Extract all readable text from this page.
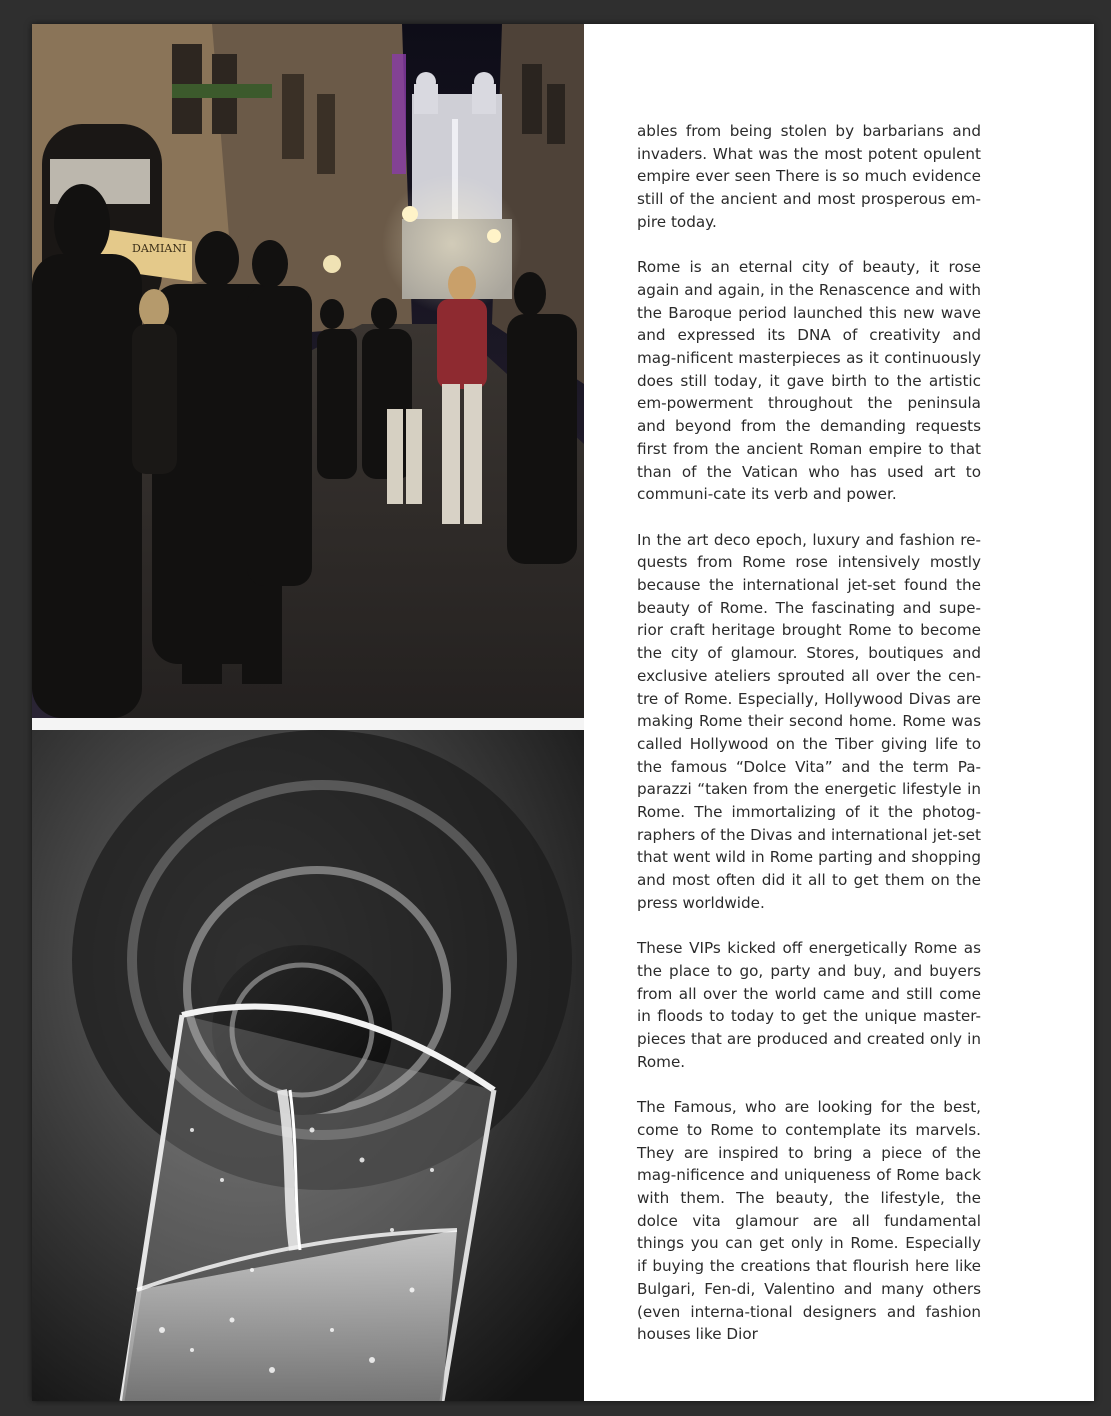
DAMIANI

ables from being stolen by barbarians and invaders. What was the most potent opulent empire ever seen There is so much evidence still of the ancient and most prosperous em-pire today.

Rome is an eternal city of beauty, it rose again and again, in the Renascence and with the Baroque period launched this new wave and expressed its DNA of creativity and mag-nificent masterpieces as it continuously does still today, it gave birth to the artistic em-powerment throughout the peninsula and beyond from the demanding requests first from the ancient Roman empire to that than of the Vatican who has used art to communi-cate its verb and power.

In the art deco epoch, luxury and fashion re-quests from Rome rose intensively mostly because the international jet-set found the beauty of Rome. The fascinating and supe-rior craft heritage brought Rome to become the city of glamour. Stores, boutiques and exclusive ateliers sprouted all over the cen-tre of Rome. Especially, Hollywood Divas are making Rome their second home. Rome was called Hollywood on the Tiber giving life to the famous “Dolce Vita” and the term Pa-parazzi “taken from the energetic lifestyle in Rome. The immortalizing of it the photog-raphers of the Divas and international jet-set that went wild in Rome parting and shopping and most often did it all to get them on the press worldwide.

These VIPs kicked off energetically Rome as the place to go, party and buy, and buyers from all over the world came and still come in floods to today to get the unique master-pieces that are produced and created only in Rome.

The Famous, who are looking for the best, come to Rome to contemplate its marvels. They are inspired to bring a piece of the mag-nificence and uniqueness of Rome back with them. The beauty, the lifestyle, the dolce vita glamour are all fundamental things you can get only in Rome. Especially if buying the creations that flourish here like Bulgari, Fen-di, Valentino and many others (even interna-tional designers and fashion houses like Dior
